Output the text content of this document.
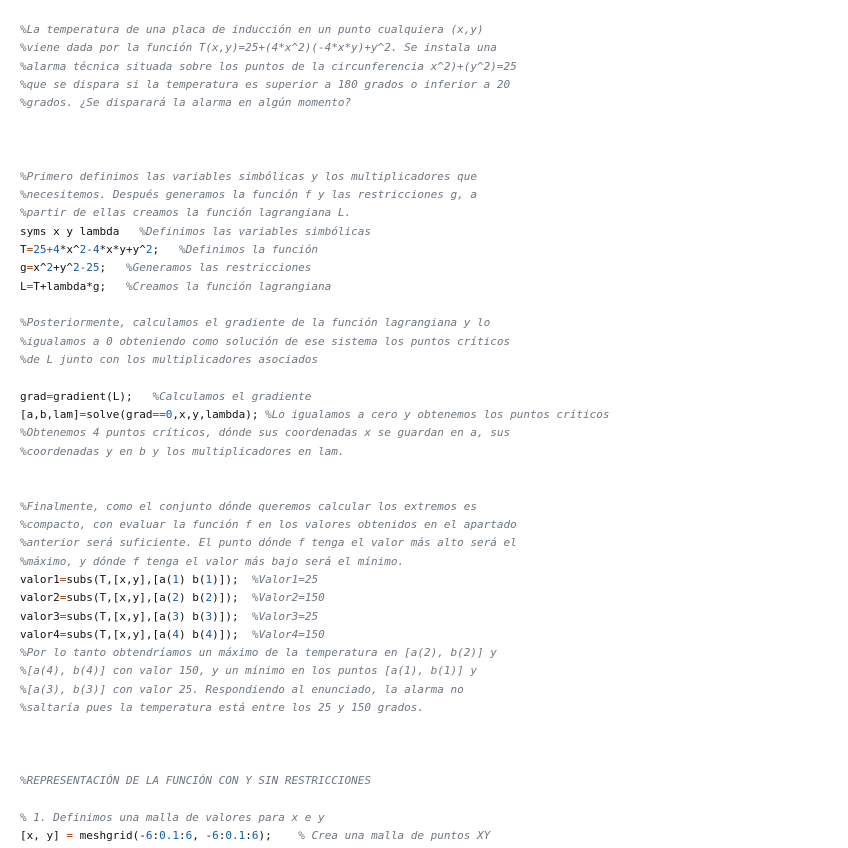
%La temperatura de una placa de inducción en un punto cualquiera (x,y)
%viene dada por la función T(x,y)=25+(4*x^2)(-4*x*y)+y^2. Se instala una
%alarma técnica situada sobre los puntos de la circunferencia x^2)+(y^2)=25
%que se dispara si la temperatura es superior a 180 grados o inferior a 20
%grados. ¿Se disparará la alarma en algún momento?

%Primero definimos las variables simbólicas y los multiplicadores que
%necesitemos. Después generamos la función f y las restricciones g, a
%partir de ellas creamos la función lagrangiana L.
syms x y lambda   %Definimos las variables simbólicas
T=25+4*x^2-4*x*y+y^2;   %Definimos la función
g=x^2+y^2-25;   %Generamos las restricciones
L=T+lambda*g;   %Creamos la función lagrangiana

%Posteriormente, calculamos el gradiente de la función lagrangiana y lo
%igualamos a 0 obteniendo como solución de ese sistema los puntos críticos
%de L junto con los multiplicadores asociados

grad=gradient(L);   %Calculamos el gradiente
[a,b,lam]=solve(grad==0,x,y,lambda); %Lo igualamos a cero y obtenemos los puntos críticos
%Obtenemos 4 puntos críticos, dónde sus coordenadas x se guardan en a, sus
%coordenadas y en b y los multiplicadores en lam.

%Finalmente, como el conjunto dónde queremos calcular los extremos es
%compacto, con evaluar la función f en los valores obtenidos en el apartado
%anterior será suficiente. El punto dónde f tenga el valor más alto será el
%máximo, y dónde f tenga el valor más bajo será el mínimo.
valor1=subs(T,[x,y],[a(1) b(1)]);  %Valor1=25
valor2=subs(T,[x,y],[a(2) b(2)]);  %Valor2=150
valor3=subs(T,[x,y],[a(3) b(3)]);  %Valor3=25
valor4=subs(T,[x,y],[a(4) b(4)]);  %Valor4=150
%Por lo tanto obtendríamos un máximo de la temperatura en [a(2), b(2)] y
%[a(4), b(4)] con valor 150, y un mínimo en los puntos [a(1), b(1)] y
%[a(3), b(3)] con valor 25. Respondiendo al enunciado, la alarma no
%saltaría pues la temperatura está entre los 25 y 150 grados.

%REPRESENTACIÓN DE LA FUNCIÓN CON Y SIN RESTRICCIONES

% 1. Definimos una malla de valores para x e y
[x, y] = meshgrid(-6:0.1:6, -6:0.1:6);    % Crea una malla de puntos XY
